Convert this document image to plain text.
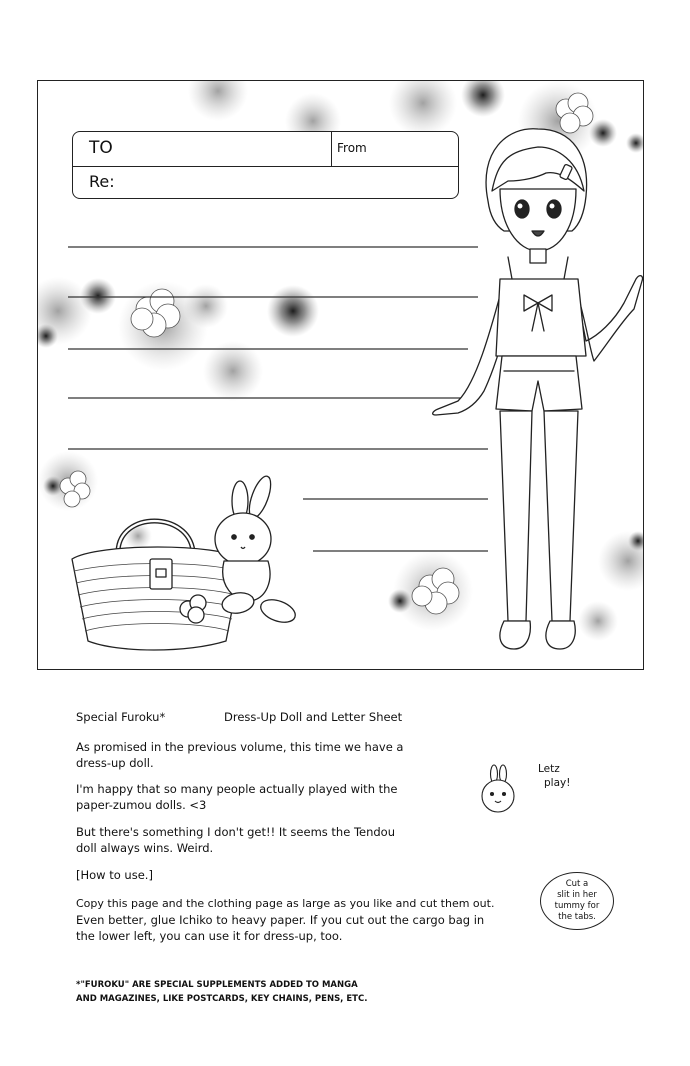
TO	From
Re:
Special Furoku*	Dress-Up Doll and Letter Sheet
As promised in the previous volume, this time we have a
dress-up doll.
I'm happy that so many people actually played with the
paper-zumou dolls. <3
But there's something I don't get!! It seems the Tendou
doll always wins. Weird.
[How to use.]
Copy this page and the clothing page as large as you like and cut them out.
Even better, glue Ichiko to heavy paper. If you cut out the cargo bag in
the lower left, you can use it for dress-up, too.
Letz
play!
Cut a
slit in her
tummy for
the tabs.
*"FUROKU" ARE SPECIAL SUPPLEMENTS ADDED TO MANGA
AND MAGAZINES, LIKE POSTCARDS, KEY CHAINS, PENS, ETC.
